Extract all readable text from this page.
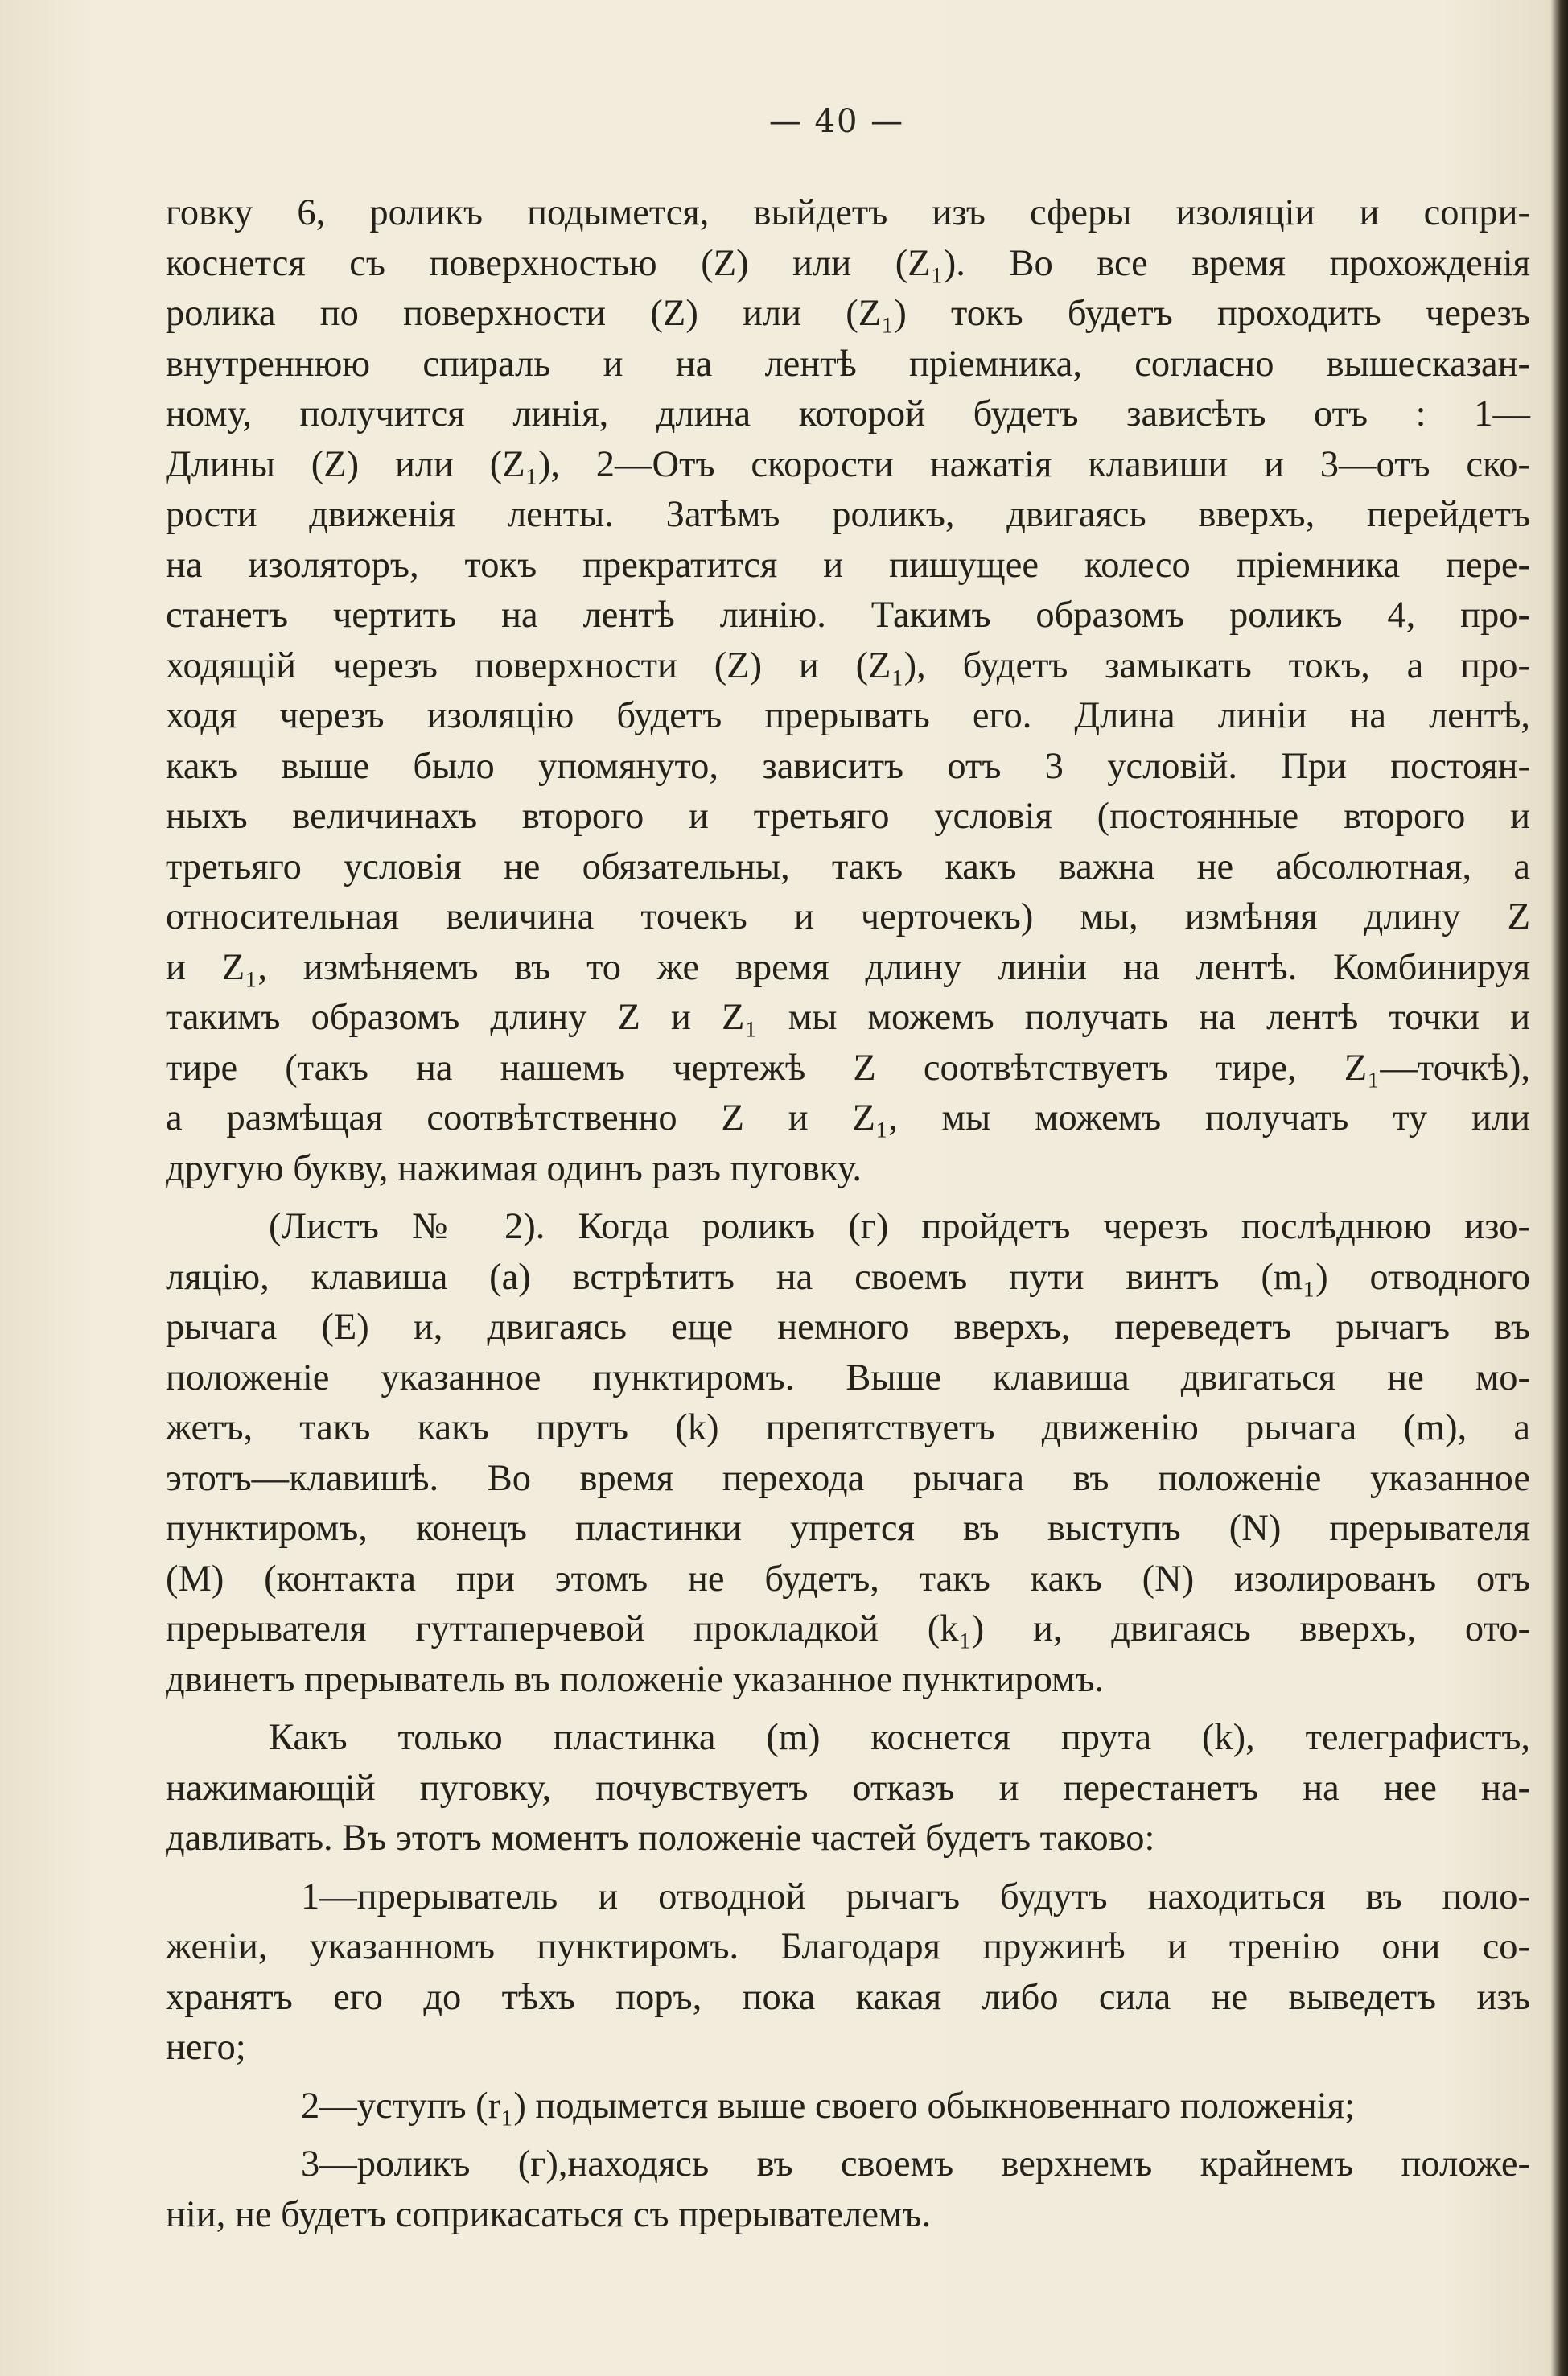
— 40 —
говку 6, роликъ подымется, выйдетъ изъ сферы изоляціи и сопри-
коснется съ поверхностью (Z) или (Z₁). Во все время прохожденія
ролика по поверхности (Z) или (Z₁) токъ будетъ проходить черезъ
внутреннюю спираль и на лентѣ пріемника, согласно вышесказан-
ному, получится линія, длина которой будетъ зависѣть отъ : 1—
Длины (Z) или (Z₁), 2—Отъ скорости нажатія клавиши и 3—отъ ско-
рости движенія ленты. Затѣмъ роликъ, двигаясь вверхъ, перейдетъ
на изоляторъ, токъ прекратится и пишущее колесо пріемника пере-
станетъ чертить на лентѣ линію. Такимъ образомъ роликъ 4, про-
ходящій черезъ поверхности (Z) и (Z₁), будетъ замыкать токъ, а про-
ходя черезъ изоляцію будетъ прерывать его. Длина линіи на лентѣ,
какъ выше было упомянуто, зависитъ отъ 3 условій. При постоян-
ныхъ величинахъ второго и третьяго условія (постоянные второго и
третьяго условія не обязательны, такъ какъ важна не абсолютная, а
относительная величина точекъ и черточекъ) мы, измѣняя длину Z
и Z₁, измѣняемъ въ то же время длину линіи на лентѣ. Комбинируя
такимъ образомъ длину Z и Z₁ мы можемъ получать на лентѣ точки и
тире (такъ на нашемъ чертежѣ Z соотвѣтствуетъ тире, Z₁—точкѣ),
а размѣщая соотвѣтственно Z и Z₁, мы можемъ получать ту или
другую букву, нажимая одинъ разъ пуговку.
(Листъ № 2). Когда роликъ (г) пройдетъ черезъ послѣднюю изо-
ляцію, клавиша (а) встрѣтитъ на своемъ пути винтъ (m₁) отводного
рычага (Е) и, двигаясь еще немного вверхъ, переведетъ рычагъ въ
положеніе указанное пунктиромъ. Выше клавиша двигаться не мо-
жетъ, такъ какъ прутъ (k) препятствуетъ движенію рычага (m), а
этотъ—клавишѣ. Во время перехода рычага въ положеніе указанное
пунктиромъ, конецъ пластинки упрется въ выступъ (N) прерывателя
(М) (контакта при этомъ не будетъ, такъ какъ (N) изолированъ отъ
прерывателя гуттаперчевой прокладкой (k₁) и, двигаясь вверхъ, ото-
двинетъ прерыватель въ положеніе указанное пунктиромъ.
Какъ только пластинка (m) коснется прута (k), телеграфистъ,
нажимающій пуговку, почувствуетъ отказъ и перестанетъ на нее на-
давливать. Въ этотъ моментъ положеніе частей будетъ таково:
1—прерыватель и отводной рычагъ будутъ находиться въ поло-
женіи, указанномъ пунктиромъ. Благодаря пружинѣ и тренію они со-
хранятъ его до тѣхъ поръ, пока какая либо сила не выведетъ изъ
него;
2—уступъ (r₁) подымется выше своего обыкновеннаго положенія;
3—роликъ (г),находясь въ своемъ верхнемъ крайнемъ положе-
ніи, не будетъ соприкасаться съ прерывателемъ.
